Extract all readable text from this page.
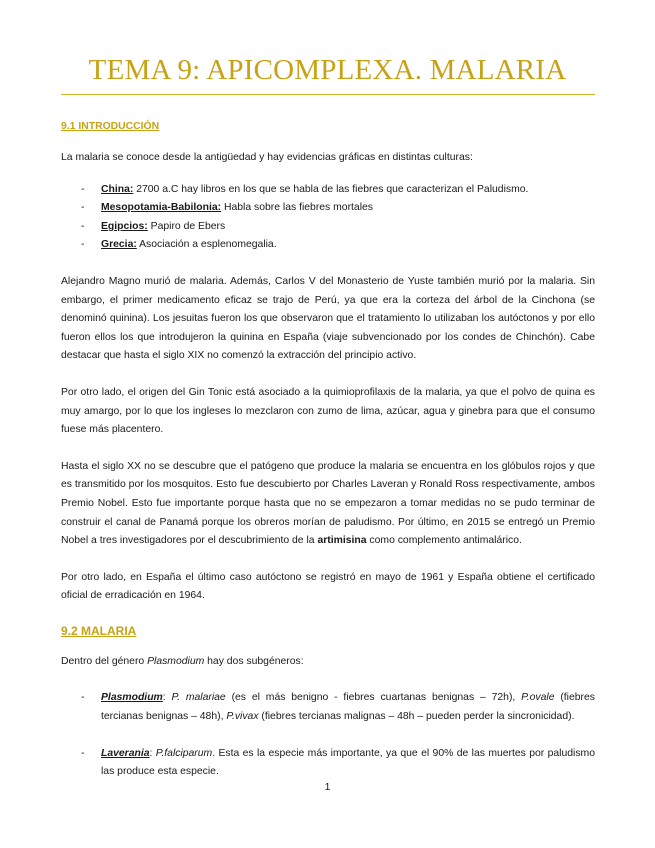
TEMA 9: APICOMPLEXA. MALARIA
9.1 INTRODUCCIÓN

La malaria se conoce desde la antigüedad y hay evidencias gráficas en distintas culturas:

- China: 2700 a.C hay libros en los que se habla de las fiebres que caracterizan el Paludismo.
- Mesopotamia-Babilonia: Habla sobre las fiebres mortales
- Egipcios: Papiro de Ebers
- Grecia: Asociación a esplenomegalia.

Alejandro Magno murió de malaria. Además, Carlos V del Monasterio de Yuste también murió por la malaria. Sin embargo, el primer medicamento eficaz se trajo de Perú, ya que era la corteza del árbol de la Cinchona (se denominó quinina). Los jesuitas fueron los que observaron que el tratamiento lo utilizaban los autóctonos y por ello fueron ellos los que introdujeron la quinina en España (viaje subvencionado por los condes de Chinchón). Cabe destacar que hasta el siglo XIX no comenzó la extracción del principio activo.

Por otro lado, el origen del Gin Tonic está asociado a la quimioprofilaxis de la malaria, ya que el polvo de quina es muy amargo, por lo que los ingleses lo mezclaron con zumo de lima, azúcar, agua y ginebra para que el consumo fuese más placentero.

Hasta el siglo XX no se descubre que el patógeno que produce la malaria se encuentra en los glóbulos rojos y que es transmitido por los mosquitos. Esto fue descubierto por Charles Laveran y Ronald Ross respectivamente, ambos Premio Nobel. Esto fue importante porque hasta que no se empezaron a tomar medidas no se pudo terminar de construir el canal de Panamá porque los obreros morían de paludismo. Por último, en 2015 se entregó un Premio Nobel a tres investigadores por el descubrimiento de la artimisina como complemento antimalárico.

Por otro lado, en España el último caso autóctono se registró en mayo de 1961 y España obtiene el certificado oficial de erradicación en 1964.

9.2 MALARIA

Dentro del género Plasmodium hay dos subgéneros:

- Plasmodium: P. malariae (es el más benigno - fiebres cuartanas benignas – 72h), P.ovale (fiebres tercianas benignas – 48h), P.vivax (fiebres tercianas malignas – 48h – pueden perder la sincronicidad).
- Laverania: P.falciparum. Esta es la especie más importante, ya que el 90% de las muertes por paludismo las produce esta especie.
1
